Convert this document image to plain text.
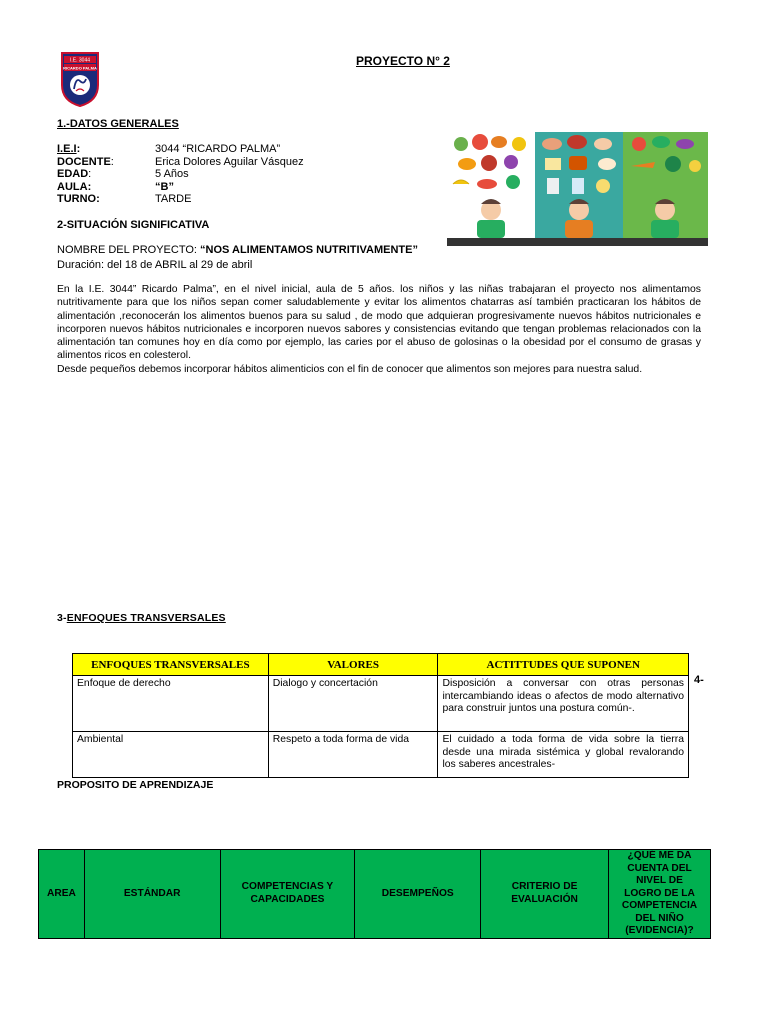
PROYECTO N° 2
I.E. 3044
RICARDO PALMA
1.-DATOS GENERALES
I.E.I:	3044 “RICARDO PALMA”
DOCENTE:	Erica Dolores Aguilar Vásquez
EDAD:	5 Años
AULA:	“B”
TURNO:	TARDE
2-SITUACIÓN SIGNIFICATIVA
NOMBRE DEL PROYECTO: “NOS ALIMENTAMOS NUTRITIVAMENTE”
Duración: del 18 de ABRIL al 29 de abril
En la I.E. 3044” Ricardo Palma”, en el nivel inicial, aula de 5 años. los niños y las niñas trabajaran el proyecto nos alimentamos nutritivamente para que los niños sepan comer saludablemente y evitar los alimentos chatarras así también practicaran los hábitos de alimentación ,reconocerán los alimentos buenos para su salud , de modo que adquieran progresivamente nuevos hábitos nutricionales e incorporen nuevos hábitos nutricionales e incorporen nuevos sabores y consistencias evitando que tengan problemas relacionados con la alimentación tan comunes hoy en día como por ejemplo, las caries por el abuso de golosinas o la obesidad por el consumo de grasas y alimentos ricos en colesterol.
Desde pequeños debemos incorporar hábitos alimenticios con el fin de conocer que alimentos son mejores para nuestra salud.
3-ENFOQUES TRANSVERSALES
ENFOQUES TRANSVERSALES	VALORES	ACTITTUDES QUE SUPONEN
Enfoque de derecho	Dialogo y concertación	Disposición a conversar con otras personas intercambiando ideas o afectos de modo alternativo para construir juntos una postura común-.
Ambiental	Respeto a toda forma de vida	El cuidado a toda forma de vida sobre la tierra desde una mirada sistémica y global revalorando los saberes ancestrales-
4-
PROPOSITO DE APRENDIZAJE
AREA	ESTÁNDAR	COMPETENCIAS Y CAPACIDADES	DESEMPEÑOS	CRITERIO DE EVALUACIÓN	¿QUÉ ME DA CUENTA DEL NIVEL DE LOGRO DE LA COMPETENCIA DEL NIÑO (EVIDENCIA)?
